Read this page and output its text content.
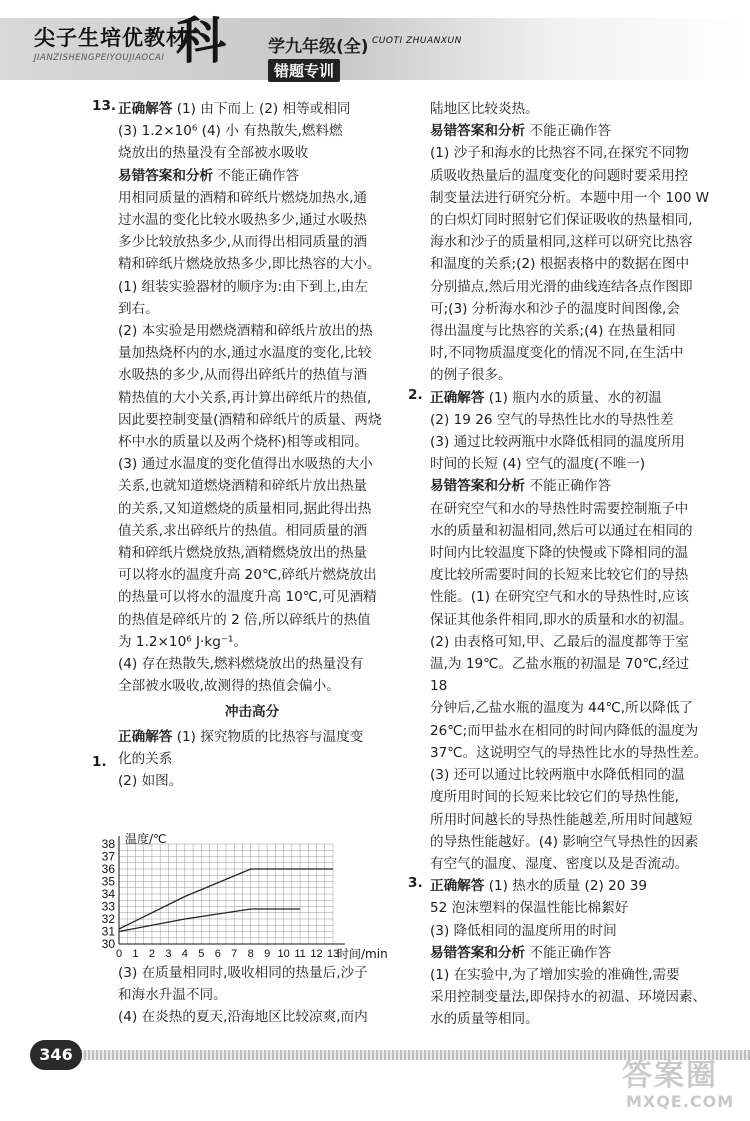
尖子生培优教材
JIANZISHENGPEIYOUJIAOCAI 科 学九年级(全) CUOTI ZHUANXUN
错题专训
13. 正确解答 (1) 由下而上 (2) 相等或相同

(3) 1.2×10⁶ (4) 小 有热散失,燃料燃

烧放出的热量没有全部被水吸收

易错答案和分析 不能正确作答

用相同质量的酒精和碎纸片燃烧加热水,通

过水温的变化比较水吸热多少,通过水吸热

多少比较放热多少,从而得出相同质量的酒

精和碎纸片燃烧放热多少,即比热容的大小。

(1) 组装实验器材的顺序为:由下到上,由左

到右。

(2) 本实验是用燃烧酒精和碎纸片放出的热

量加热烧杯内的水,通过水温度的变化,比较

水吸热的多少,从而得出碎纸片的热值与酒

精热值的大小关系,再计算出碎纸片的热值,

因此要控制变量(酒精和碎纸片的质量、两烧

杯中水的质量以及两个烧杯)相等或相同。

(3) 通过水温度的变化值得出水吸热的大小

关系,也就知道燃烧酒精和碎纸片放出热量

的关系,又知道燃烧的质量相同,据此得出热

值关系,求出碎纸片的热值。相同质量的酒

精和碎纸片燃烧放热,酒精燃烧放出的热量

可以将水的温度升高 20℃,碎纸片燃烧放出

的热量可以将水的温度升高 10℃,可见酒精

的热值是碎纸片的 2 倍,所以碎纸片的热值

为 1.2×10⁶ J·kg⁻¹。

(4) 存在热散失,燃料燃烧放出的热量没有

全部被水吸收,故测得的热值会偏小。

冲击高分

正确解答 (1) 探究物质的比热容与温度变

化的关系

(2) 如图。

1.
0 1 2 3 4 5 6 7 8 9 10 11 12 13
30
31
32
33
34
35
36
37
38 温度/℃
时间/min

(3) 在质量相同时,吸收相同的热量后,沙子

和海水升温不同。

(4) 在炎热的夏天,沿海地区比较凉爽,而内

陆地区比较炎热。

易错答案和分析 不能正确作答

(1) 沙子和海水的比热容不同,在探究不同物

质吸收热量后的温度变化的问题时要采用控

制变量法进行研究分析。本题中用一个 100 W

的白炽灯同时照射它们保证吸收的热量相同,

海水和沙子的质量相同,这样可以研究比热容

和温度的关系;(2) 根据表格中的数据在图中

分别描点,然后用光滑的曲线连结各点作图即

可;(3) 分析海水和沙子的温度时间图像,会

得出温度与比热容的关系;(4) 在热量相同

时,不同物质温度变化的情况不同,在生活中

的例子很多。

正确解答 (1) 瓶内水的质量、水的初温

(2) 19 26 空气的导热性比水的导热性差

(3) 通过比较两瓶中水降低相同的温度所用

时间的长短 (4) 空气的温度(不唯一)

易错答案和分析 不能正确作答

在研究空气和水的导热性时需要控制瓶子中

水的质量和初温相同,然后可以通过在相同的

时间内比较温度下降的快慢或下降相同的温

度比较所需要时间的长短来比较它们的导热

性能。(1) 在研究空气和水的导热性时,应该

保证其他条件相同,即水的质量和水的初温。

(2) 由表格可知,甲、乙最后的温度都等于室

温,为 19℃。乙盐水瓶的初温是 70℃,经过 18

分钟后,乙盐水瓶的温度为 44℃,所以降低了

26℃;而甲盐水在相同的时间内降低的温度为

37℃。这说明空气的导热性比水的导热性差。

(3) 还可以通过比较两瓶中水降低相同的温

度所用时间的长短来比较它们的导热性能,

所用时间越长的导热性能越差,所用时间越短

的导热性能越好。(4) 影响空气导热性的因素

有空气的温度、湿度、密度以及是否流动。

正确解答 (1) 热水的质量 (2) 20 39

52 泡沫塑料的保温性能比棉絮好

(3) 降低相同的温度所用的时间

易错答案和分析 不能正确作答

(1) 在实验中,为了增加实验的准确性,需要

采用控制变量法,即保持水的初温、环境因素、

水的质量等相同。

2.
3.
346
答案圈
MXQE.COM
